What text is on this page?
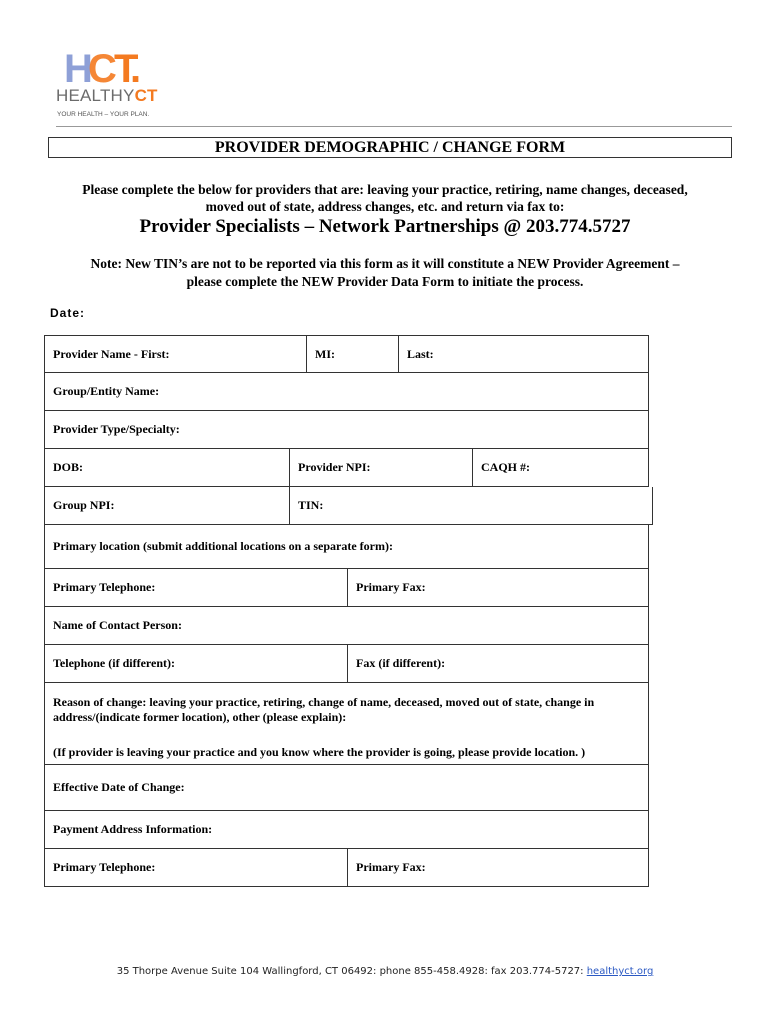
H C T.
HEALTHYCT
YOUR HEALTH – YOUR PLAN.
PROVIDER DEMOGRAPHIC / CHANGE FORM
Please complete the below for providers that are: leaving your practice, retiring, name changes, deceased,
moved out of state, address changes, etc. and return via fax to:
Provider Specialists – Network Partnerships @ 203.774.5727
Note: New TIN’s are not to be reported via this form as it will constitute a NEW Provider Agreement –
please complete the NEW Provider Data Form to initiate the process.
Date:
Provider Name - First:	MI:	Last:
Group/Entity Name:
Provider Type/Specialty:
DOB:	Provider NPI:	CAQH #:
Group NPI:	TIN:
Primary location (submit additional locations on a separate form):
Primary Telephone:	Primary Fax:
Name of Contact Person:
Telephone (if different):	Fax (if different):
Reason of change: leaving your practice, retiring, change of name, deceased, moved out of state, change in address/(indicate former location), other (please explain):
(If provider is leaving your practice and you know where the provider is going, please provide location. )
Effective Date of Change:
Payment Address Information:
Primary Telephone:	Primary Fax:
35 Thorpe Avenue Suite 104 Wallingford, CT 06492: phone 855-458.4928: fax 203.774-5727: healthyct.org
